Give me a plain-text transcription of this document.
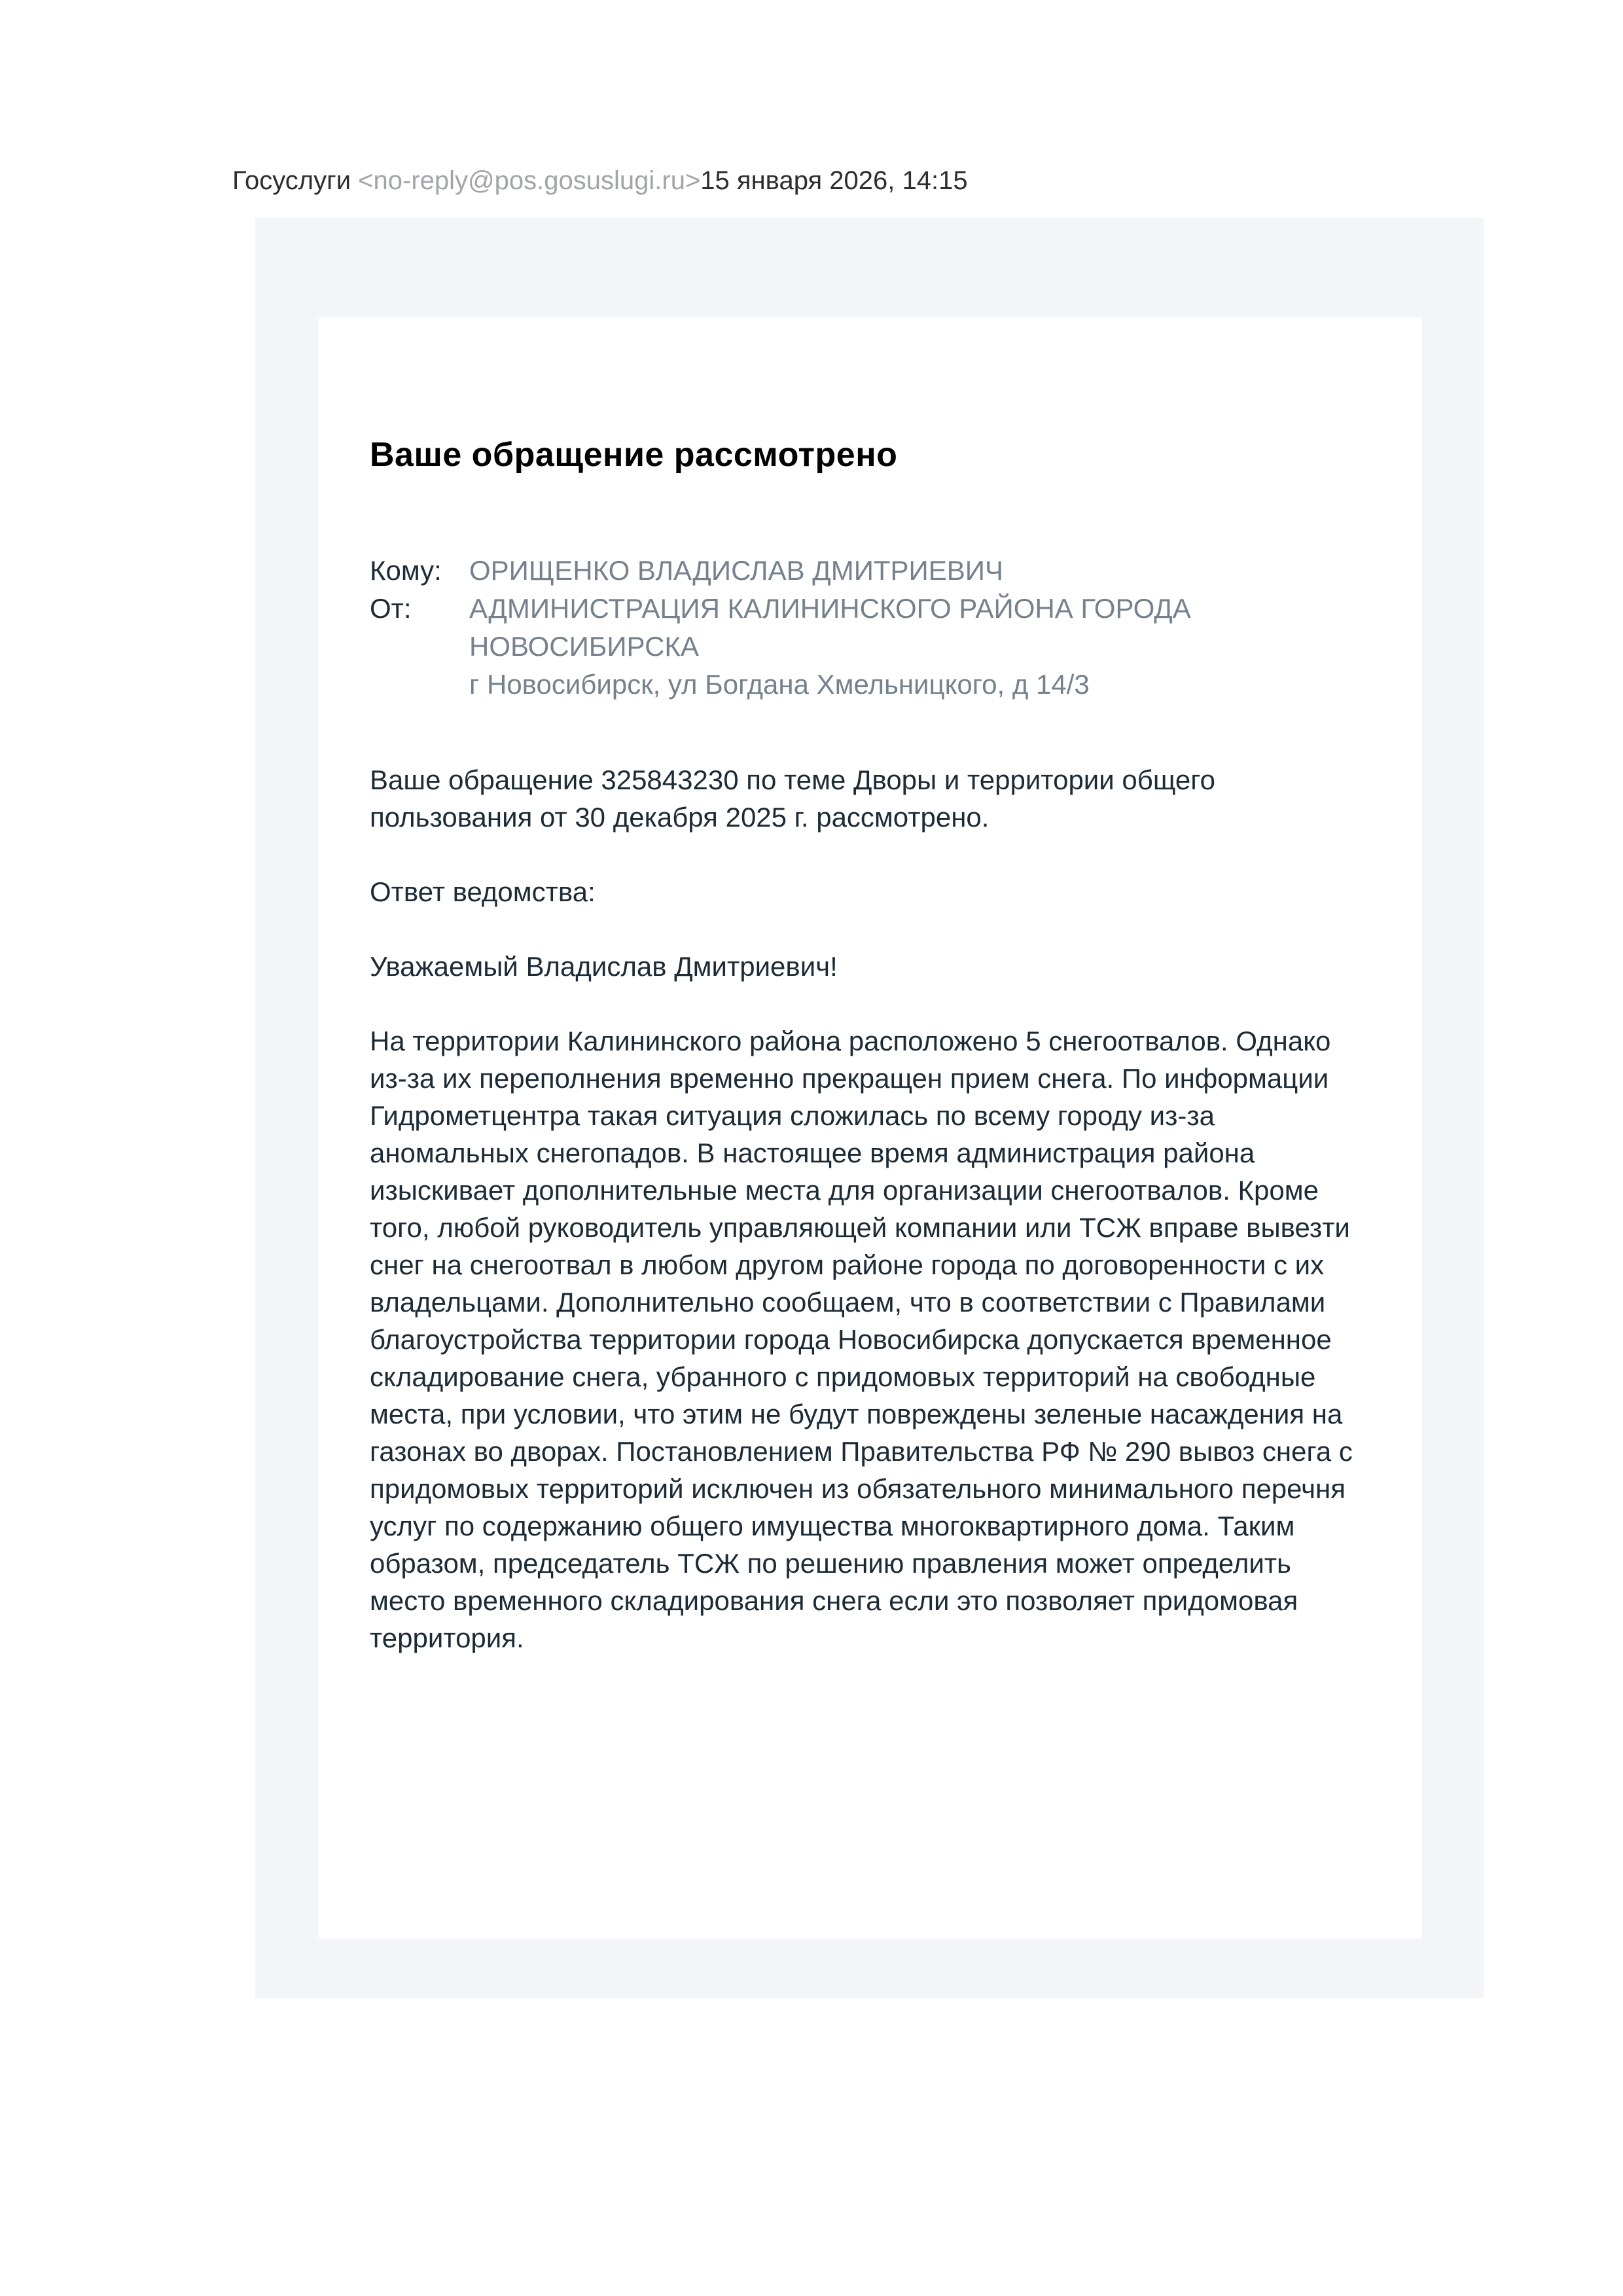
Госуслуги <no-reply@pos.gosuslugi.ru>15 января 2026, 14:15
Ваше обращение рассмотрено
Кому:	ОРИЩЕНКО ВЛАДИСЛАВ ДМИТРИЕВИЧ
От:	АДМИНИСТРАЦИЯ КАЛИНИНСКОГО РАЙОНА ГОРОДА НОВОСИБИРСКА
г Новосибирск, ул Богдана Хмельницкого, д 14/3

Ваше обращение 325843230 по теме Дворы и территории общего пользования от 30 декабря 2025 г. рассмотрено.

Ответ ведомства:

Уважаемый Владислав Дмитриевич!

На территории Калининского района расположено 5 снегоотвалов. Однако из-за их переполнения временно прекращен прием снега. По информации Гидрометцентра такая ситуация сложилась по всему городу из-за аномальных снегопадов. В настоящее время администрация района изыскивает дополнительные места для организации снегоотвалов. Кроме того, любой руководитель управляющей компании или ТСЖ вправе вывезти снег на снегоотвал в любом другом районе города по договоренности с их владельцами. Дополнительно сообщаем, что в соответствии с Правилами благоустройства территории города Новосибирска допускается временное складирование снега, убранного с придомовых территорий на свободные места, при условии, что этим не будут повреждены зеленые насаждения на газонах во дворах. Постановлением Правительства РФ № 290 вывоз снега с придомовых территорий исключен из обязательного минимального перечня услуг по содержанию общего имущества многоквартирного дома. Таким образом, председатель ТСЖ по решению правления может определить место временного складирования снега если это позволяет придомовая территория.
